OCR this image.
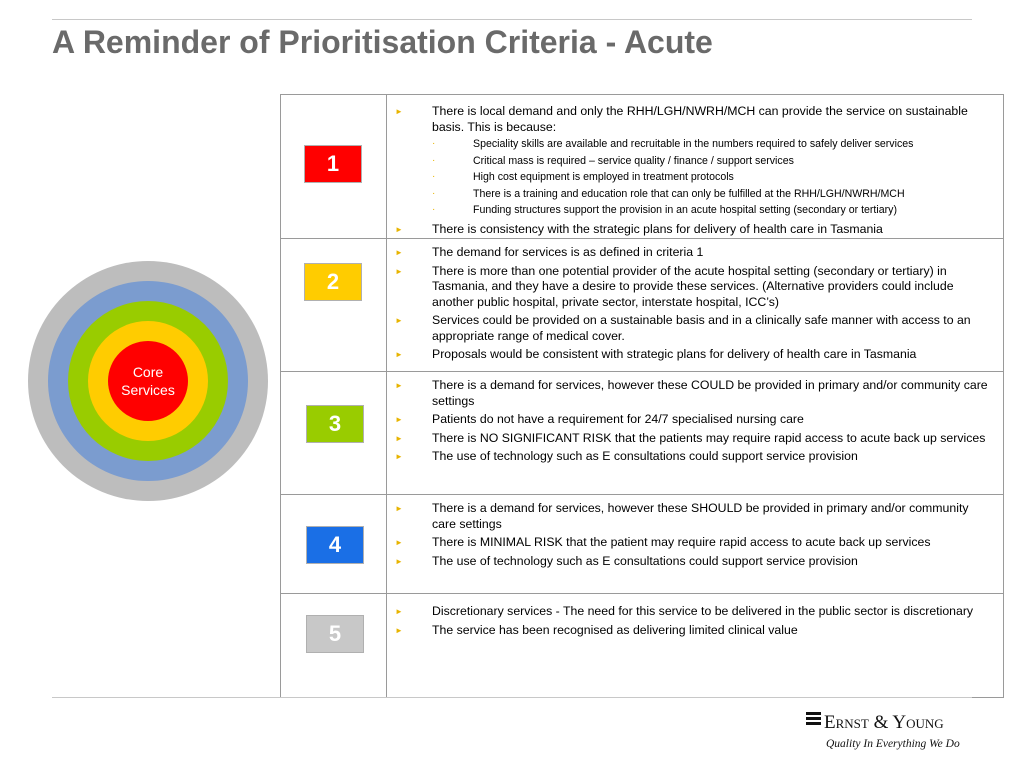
A Reminder of Prioritisation Criteria - Acute
Core
Services
1
► There is local demand and only the RHH/LGH/NWRH/MCH can provide the service on sustainable basis. This is because:
·	Speciality skills are available and recruitable in the numbers required to safely deliver services
·	Critical mass is required – service quality / finance / support services
·	High cost equipment is employed in treatment protocols
·	There is a training and education role that can only be fulfilled at the RHH/LGH/NWRH/MCH
·	Funding structures support the provision in an acute hospital setting (secondary or tertiary)
► There is consistency with the strategic plans for delivery of health care in Tasmania
2
► The demand for services is as defined in criteria 1
► There is more than one potential provider of the acute hospital setting (secondary or tertiary) in Tasmania, and they have a desire to provide these services. (Alternative providers could include another public hospital, private sector, interstate hospital, ICC’s)
► Services could be provided on a sustainable basis and in a clinically safe manner with access to an appropriate range of medical cover.
► Proposals would be consistent with strategic plans for delivery of health care in Tasmania
3
► There is a demand for services, however these COULD be provided in primary and/or community care settings
► Patients do not have a requirement for 24/7 specialised nursing care
► There is NO SIGNIFICANT RISK that the patients may require rapid access to acute back up services
► The use of technology such as E consultations could support service provision
4
► There is a demand for services, however these SHOULD be provided in primary and/or community care settings
► There is MINIMAL RISK that the patient may require rapid access to acute back up services
► The use of technology such as E consultations could support service provision
5
► Discretionary services - The need for this service to be delivered in the public sector is discretionary
► The service has been recognised as delivering limited clinical value
Ernst & Young
Quality In Everything We Do
